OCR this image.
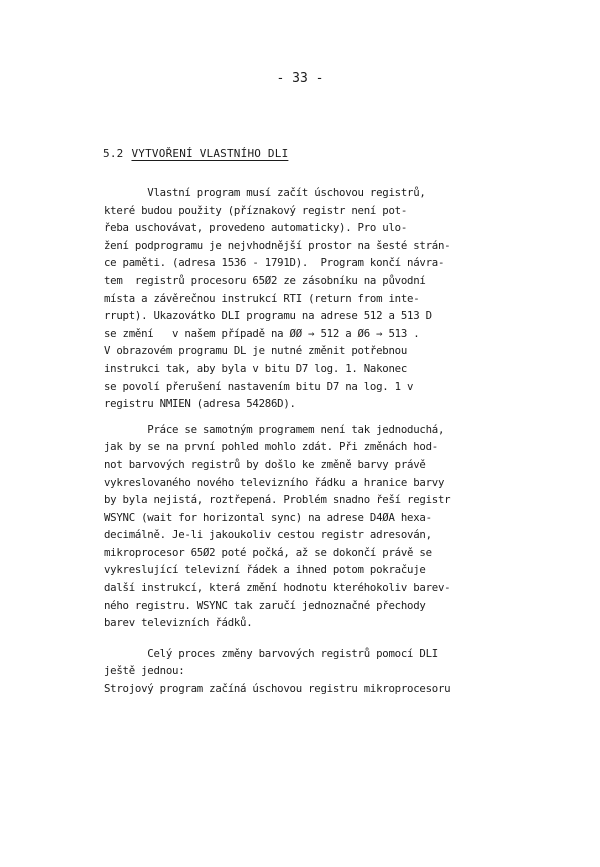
- 33 -
5.2 VYTVOŘENÍ VLASTNÍHO DLI
Vlastní program musí začít úschovou registrů,
které budou použity (příznakový registr není pot-
řeba uschovávat, provedeno automaticky). Pro ulo-
žení podprogramu je nejvhodnější prostor na šesté strán-
ce paměti. (adresa 1536 - 1791D).  Program končí návra-
tem  registrů procesoru 65Ø2 ze zásobníku na původní
místa a závěrečnou instrukcí RTI (return from inte-
rrupt). Ukazovátko DLI programu na adrese 512 a 513 D
se změní   v našem případě na ØØ → 512 a Ø6 → 513 .
V obrazovém programu DL je nutné změnit potřebnou
instrukci tak, aby byla v bitu D7 log. 1. Nakonec
se povolí přerušení nastavením bitu D7 na log. 1 v
registru NMIEN (adresa 54286D).
Práce se samotným programem není tak jednoduchá,
jak by se na první pohled mohlo zdát. Při změnách hod-
not barvových registrů by došlo ke změně barvy právě
vykreslovaného nového televizního řádku a hranice barvy
by byla nejistá, roztřepená. Problém snadno řeší registr
WSYNC (wait for horizontal sync) na adrese D4ØA hexa-
decimálně. Je-li jakoukoliv cestou registr adresován,
mikroprocesor 65Ø2 poté počká, až se dokončí právě se
vykreslující televizní řádek a ihned potom pokračuje
další instrukcí, která změní hodnotu kteréhokoliv barev-
ného registru. WSYNC tak zaručí jednoznačné přechody
barev televizních řádků.
Celý proces změny barvových registrů pomocí DLI
ještě jednou:
Strojový program začíná úschovou registru mikroprocesoru
